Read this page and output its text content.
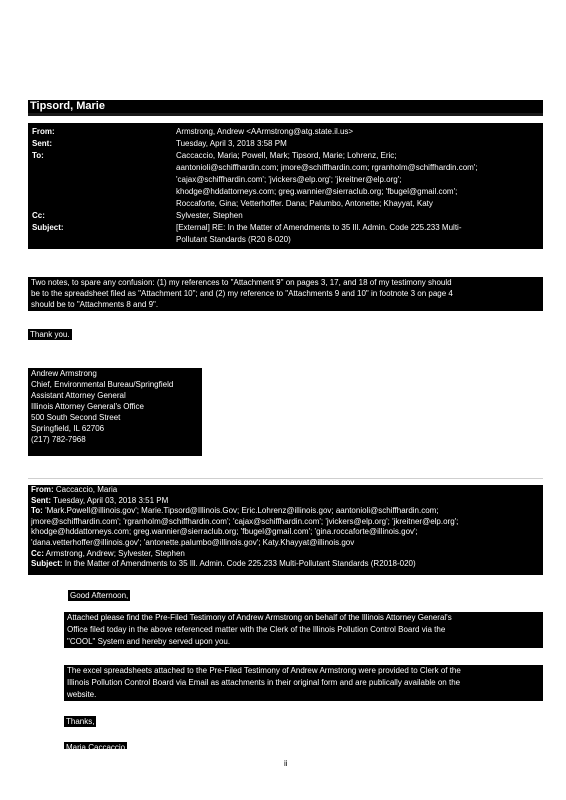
Tipsord, Marie
From:	Armstrong, Andrew <AArmstrong@atg.state.il.us>
Sent:	Tuesday, April 3, 2018 3:58 PM
To:	Caccaccio, Maria; Powell, Mark; Tipsord, Marie; Lohrenz, Eric;
aantonioli@schiffhardin.com; jmore@schiffhardin.com; rgranholm@schiffhardin.com';
'cajax@schiffhardin.com'; 'jvickers@elp.org'; 'jkreitner@elp.org';
khodge@hddattorneys.com; greg.wannier@sierraclub.org; 'fbugel@gmail.com';
Roccaforte, Gina; Vetterhoffer. Dana; Palumbo, Antonette; Khayyat, Katy
Cc:	Sylvester, Stephen
Subject:	[External] RE: In the Matter of Amendments to 35 Ill. Admin. Code 225.233 Multi-
Pollutant Standards (R20 8-020)
Two notes, to spare any confusion: (1) my references to "Attachment 9" on pages 3, 17, and 18 of my testimony should
be to the spreadsheet filed as "Attachment 10"; and (2) my reference to "Attachments 9 and 10" in footnote 3 on page 4
should be to "Attachments 8 and 9".
Thank you.
Andrew Armstrong
Chief, Environmental Bureau/Springfield
Assistant Attorney General
Illinois Attorney General's Office
500 South Second Street
Springfield, IL 62706
(217) 782-7968
From: Caccaccio, Maria
Sent: Tuesday, April 03, 2018 3:51 PM
To: 'Mark.Powell@illinois.gov'; Marie.Tipsord@Illinois.Gov; Eric.Lohrenz@illinois.gov; aantonioli@schiffhardin.com;
jmore@schiffhardin.com'; 'rgranholm@schiffhardin.com'; 'cajax@schiffhardin.com'; 'jvickers@elp.org'; 'jkreitner@elp.org';
khodge@hddattorneys.com; greg.wannier@sierraclub.org; 'fbugel@gmail.com'; 'gina.roccaforte@illinois.gov';
'dana.vetterhoffer@illinois.gov'; 'antonette.palumbo@illinois.gov'; Katy.Khayyat@illinois.gov
Cc: Armstrong, Andrew; Sylvester, Stephen
Subject: In the Matter of Amendments to 35 Ill. Admin. Code 225.233 Multi-Pollutant Standards (R2018-020)
Good Afternoon,
Attached please find the Pre-Filed Testimony of Andrew Armstrong on behalf of the Illinois Attorney General's
Office filed today in the above referenced matter with the Clerk of the Illinois Pollution Control Board via the
"COOL" System and hereby served upon you.
The excel spreadsheets attached to the Pre-Filed Testimony of Andrew Armstrong were provided to Clerk of the
Illinois Pollution Control Board via Email as attachments in their original form and are publically available on the
website.
Thanks,
Maria Caccaccio
ii
